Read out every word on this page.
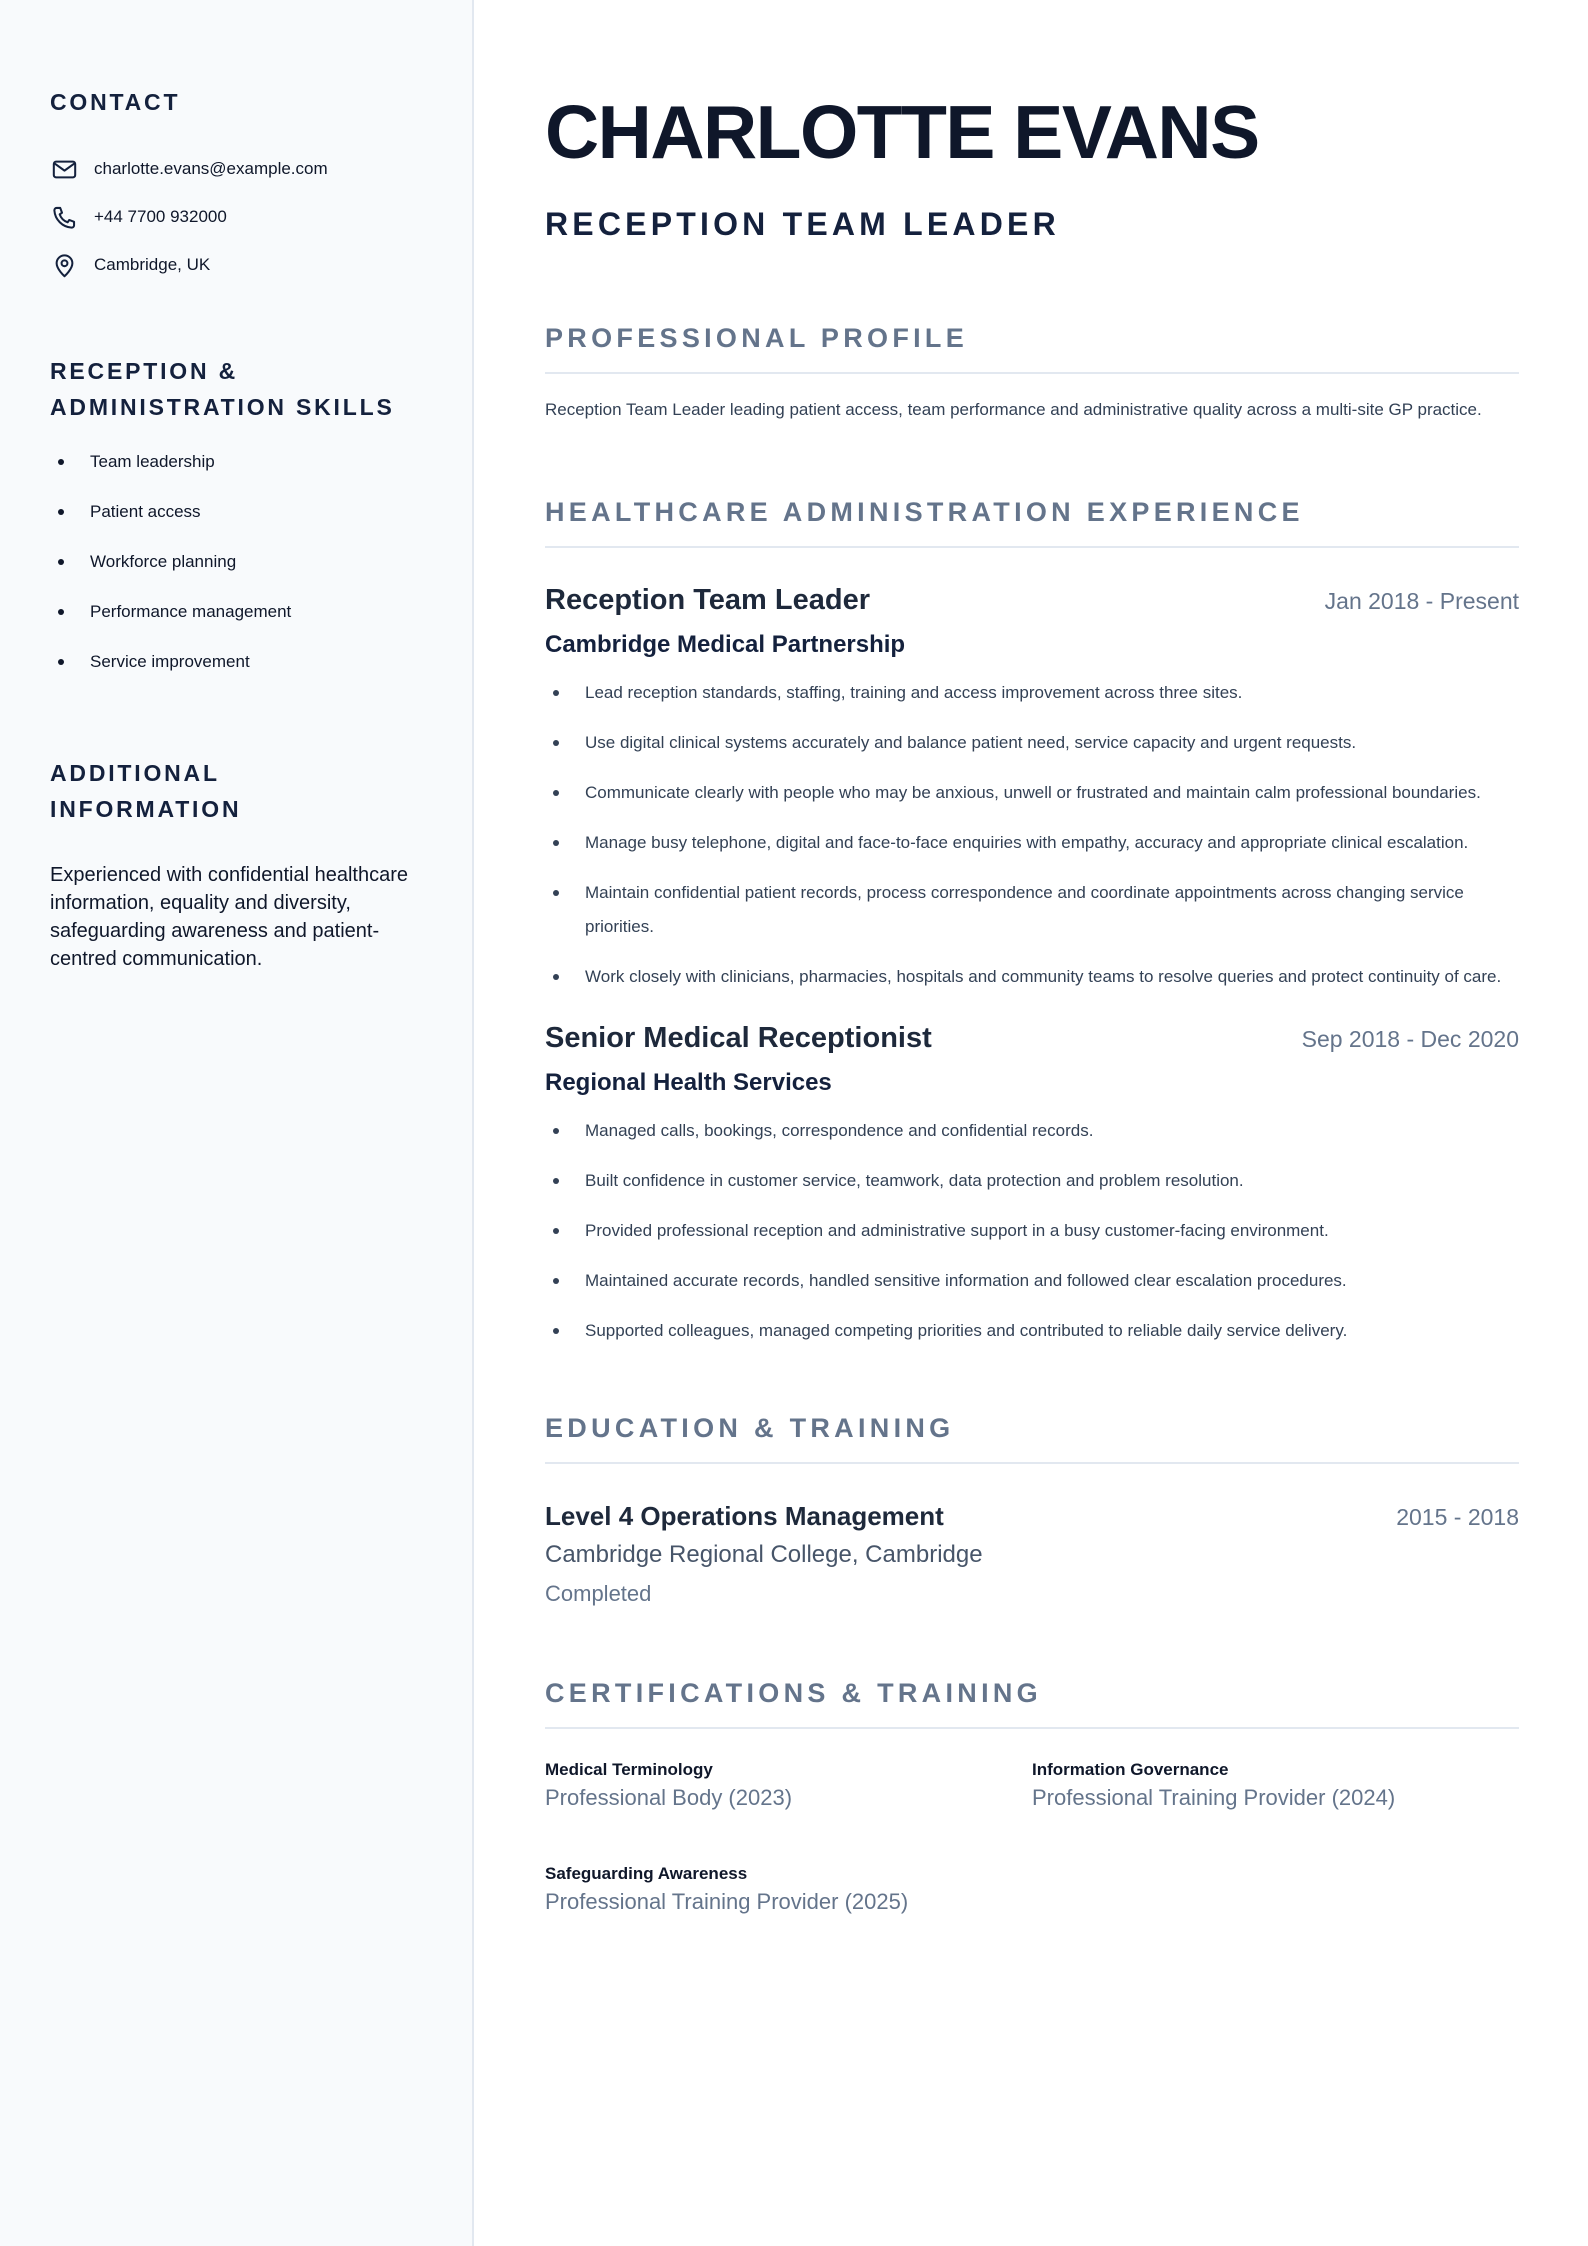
CONTACT
charlotte.evans@example.com
+44 7700 932000
Cambridge, UK
RECEPTION &
ADMINISTRATION SKILLS
Team leadership
Patient access
Workforce planning
Performance management
Service improvement
ADDITIONAL INFORMATION

Experienced with confidential healthcare information, equality and diversity, safeguarding awareness and patient-centred communication.

CHARLOTTE EVANS
RECEPTION TEAM LEADER
PROFESSIONAL PROFILE

Reception Team Leader leading patient access, team performance and administrative quality across a multi-site GP practice.

HEALTHCARE ADMINISTRATION EXPERIENCE
Reception Team Leader	Jan 2018 - Present
Cambridge Medical Partnership
Lead reception standards, staffing, training and access improvement across three sites.
Use digital clinical systems accurately and balance patient need, service capacity and urgent requests.
Communicate clearly with people who may be anxious, unwell or frustrated and maintain calm professional boundaries.
Manage busy telephone, digital and face-to-face enquiries with empathy, accuracy and appropriate clinical escalation.
Maintain confidential patient records, process correspondence and coordinate appointments across changing service priorities.
Work closely with clinicians, pharmacies, hospitals and community teams to resolve queries and protect continuity of care.
Senior Medical Receptionist	Sep 2018 - Dec 2020
Regional Health Services
Managed calls, bookings, correspondence and confidential records.
Built confidence in customer service, teamwork, data protection and problem resolution.
Provided professional reception and administrative support in a busy customer-facing environment.
Maintained accurate records, handled sensitive information and followed clear escalation procedures.
Supported colleagues, managed competing priorities and contributed to reliable daily service delivery.
EDUCATION & TRAINING
Level 4 Operations Management	2015 - 2018
Cambridge Regional College, Cambridge
Completed
CERTIFICATIONS & TRAINING
Medical Terminology
Professional Body (2023)
Information Governance
Professional Training Provider (2024)
Safeguarding Awareness
Professional Training Provider (2025)
